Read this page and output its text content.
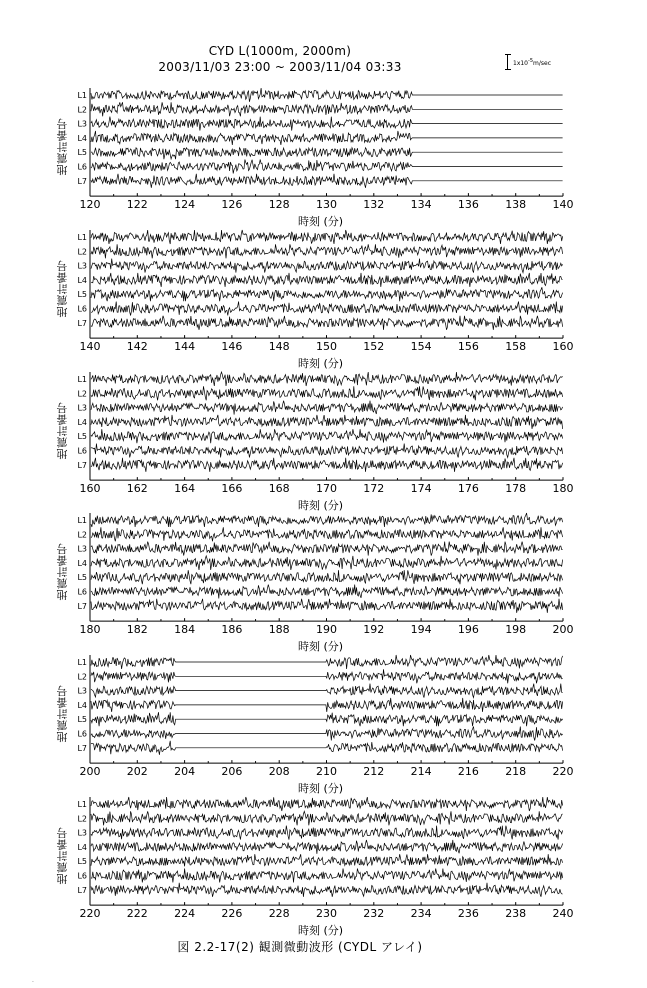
CYD L(1000m, 2000m)
2003/11/03 23:00 ~ 2003/11/04 03:33	$1x10^{-5}m/\sec$
120 122 124 126 128 130 132 134 136 138 140
L1
L2
L3
L4
L5
L6
L7
地震計番号
時刻 (分)
140 142 144 146 148 150 152 154 156 158 160
L1
L2
L3
L4
L5
L6
L7
地震計番号
時刻 (分)
160 162 164 166 168 170 172 174 176 178 180
L1
L2
L3
L4
L5
L6
L7
地震計番号
時刻 (分)
180 182 184 186 188 190 192 194 196 198 200
L1
L2
L3
L4
L5
L6
L7
地震計番号
時刻 (分)
200 202 204 206 208 210 212 214 216 218 220
L1
L2
L3
L4
L5
L6
L7
地震計番号
時刻 (分)
220 222 224 226 228 230 232 234 236 238 240
L1
L2
L3
L4
L5
L6
L7
地震計番号
時刻 (分)
図 2.2-17(2) 観測微動波形 (CYDL アレイ)
.
